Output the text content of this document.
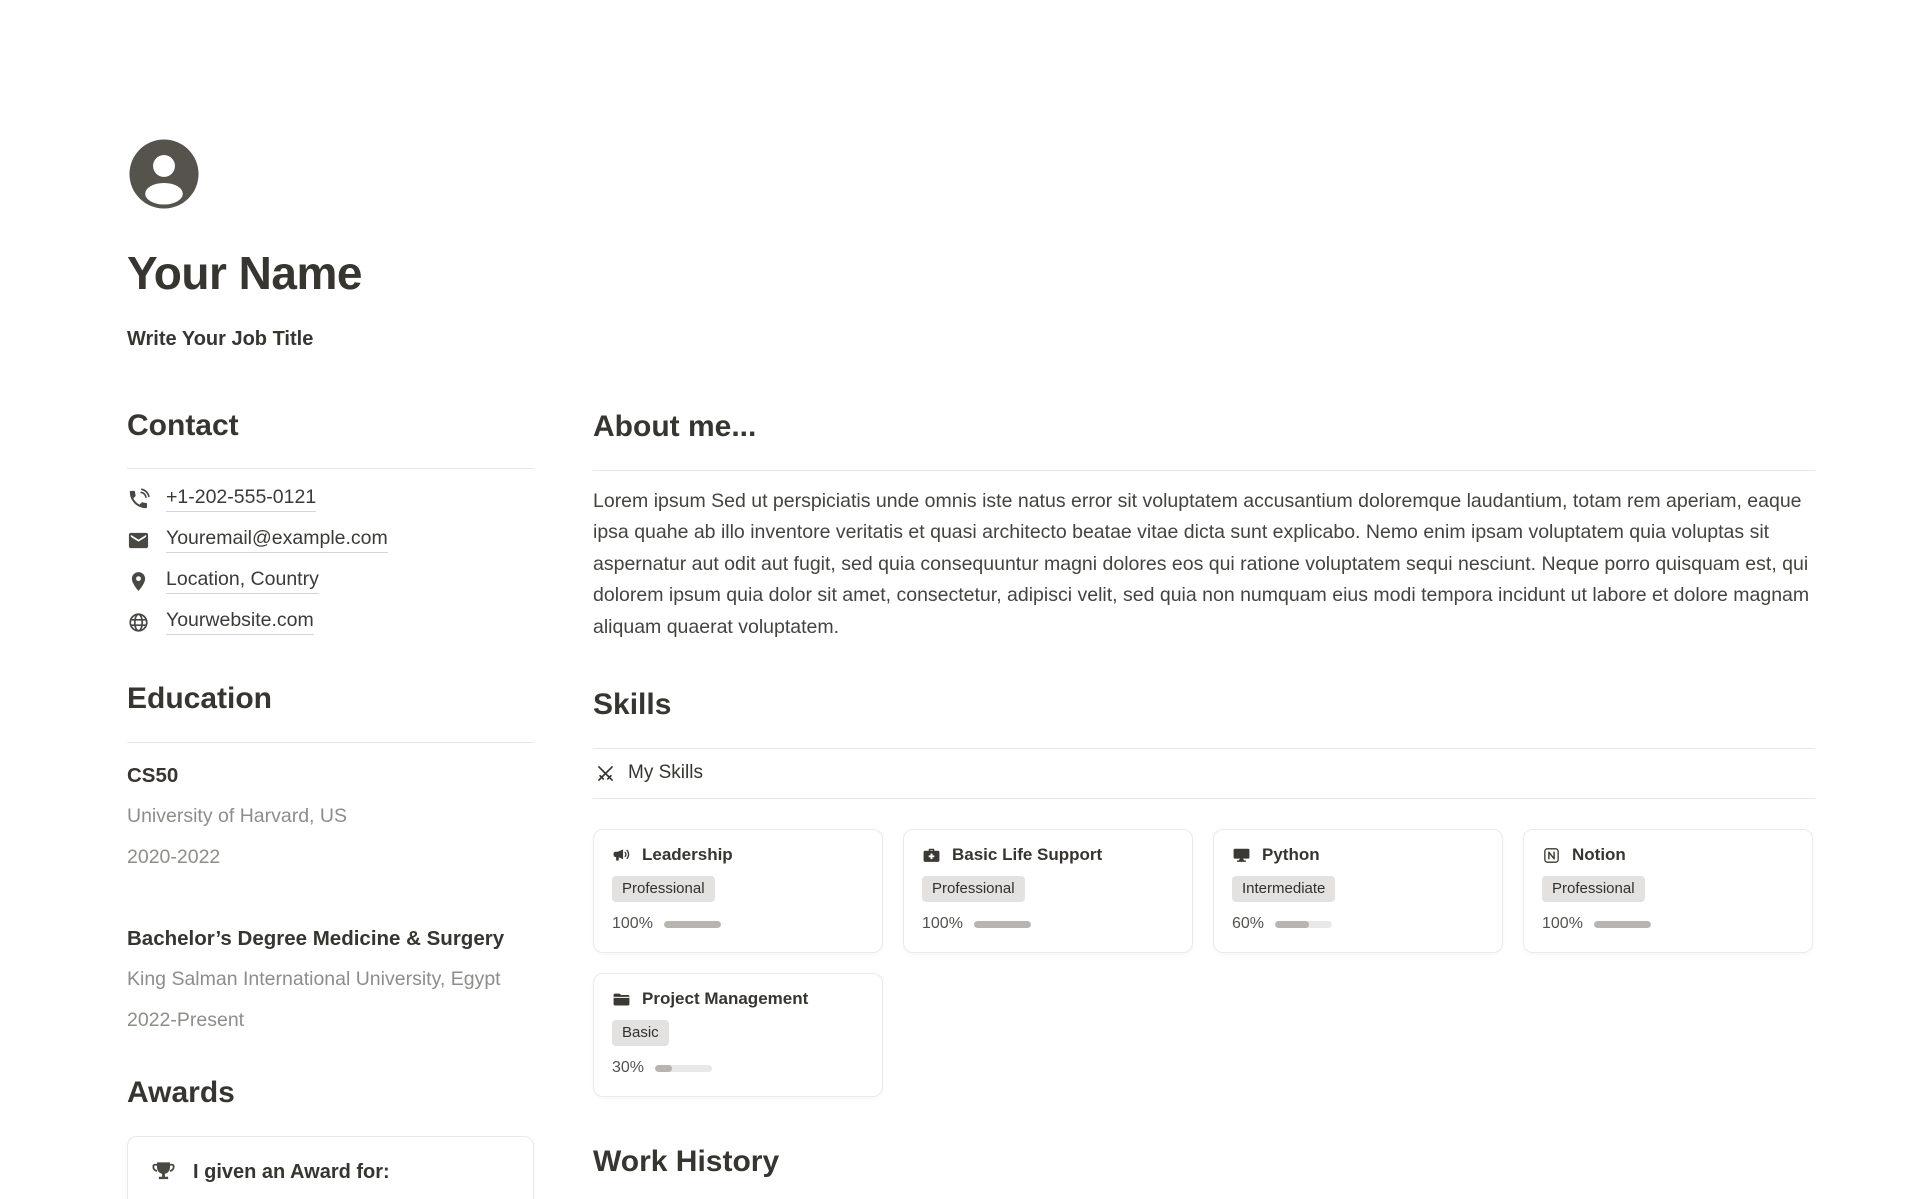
Your Name
Write Your Job Title
Contact
+1-202-555-0121
Youremail@example.com
Location, Country
Yourwebsite.com
Education
CS50
University of Harvard, US
2020-2022
Bachelor’s Degree Medicine & Surgery
King Salman International University, Egypt
2022-Present
Awards
I given an Award for:
About me...

Lorem ipsum Sed ut perspiciatis unde omnis iste natus error sit voluptatem accusantium doloremque laudantium, totam rem aperiam, eaque ipsa quahe ab illo inventore veritatis et quasi architecto beatae vitae dicta sunt explicabo. Nemo enim ipsam voluptatem quia voluptas sit aspernatur aut odit aut fugit, sed quia consequuntur magni dolores eos qui ratione voluptatem sequi nesciunt. Neque porro quisquam est, qui dolorem ipsum quia dolor sit amet, consectetur, adipisci velit, sed quia non numquam eius modi tempora incidunt ut labore et dolore magnam aliquam quaerat voluptatem.

Skills
My Skills
Leadership
Professional
100%
Basic Life Support
Professional
100%
Python
Intermediate
60%
Notion
Professional
100%
Project Management
Basic
30%
Work History
